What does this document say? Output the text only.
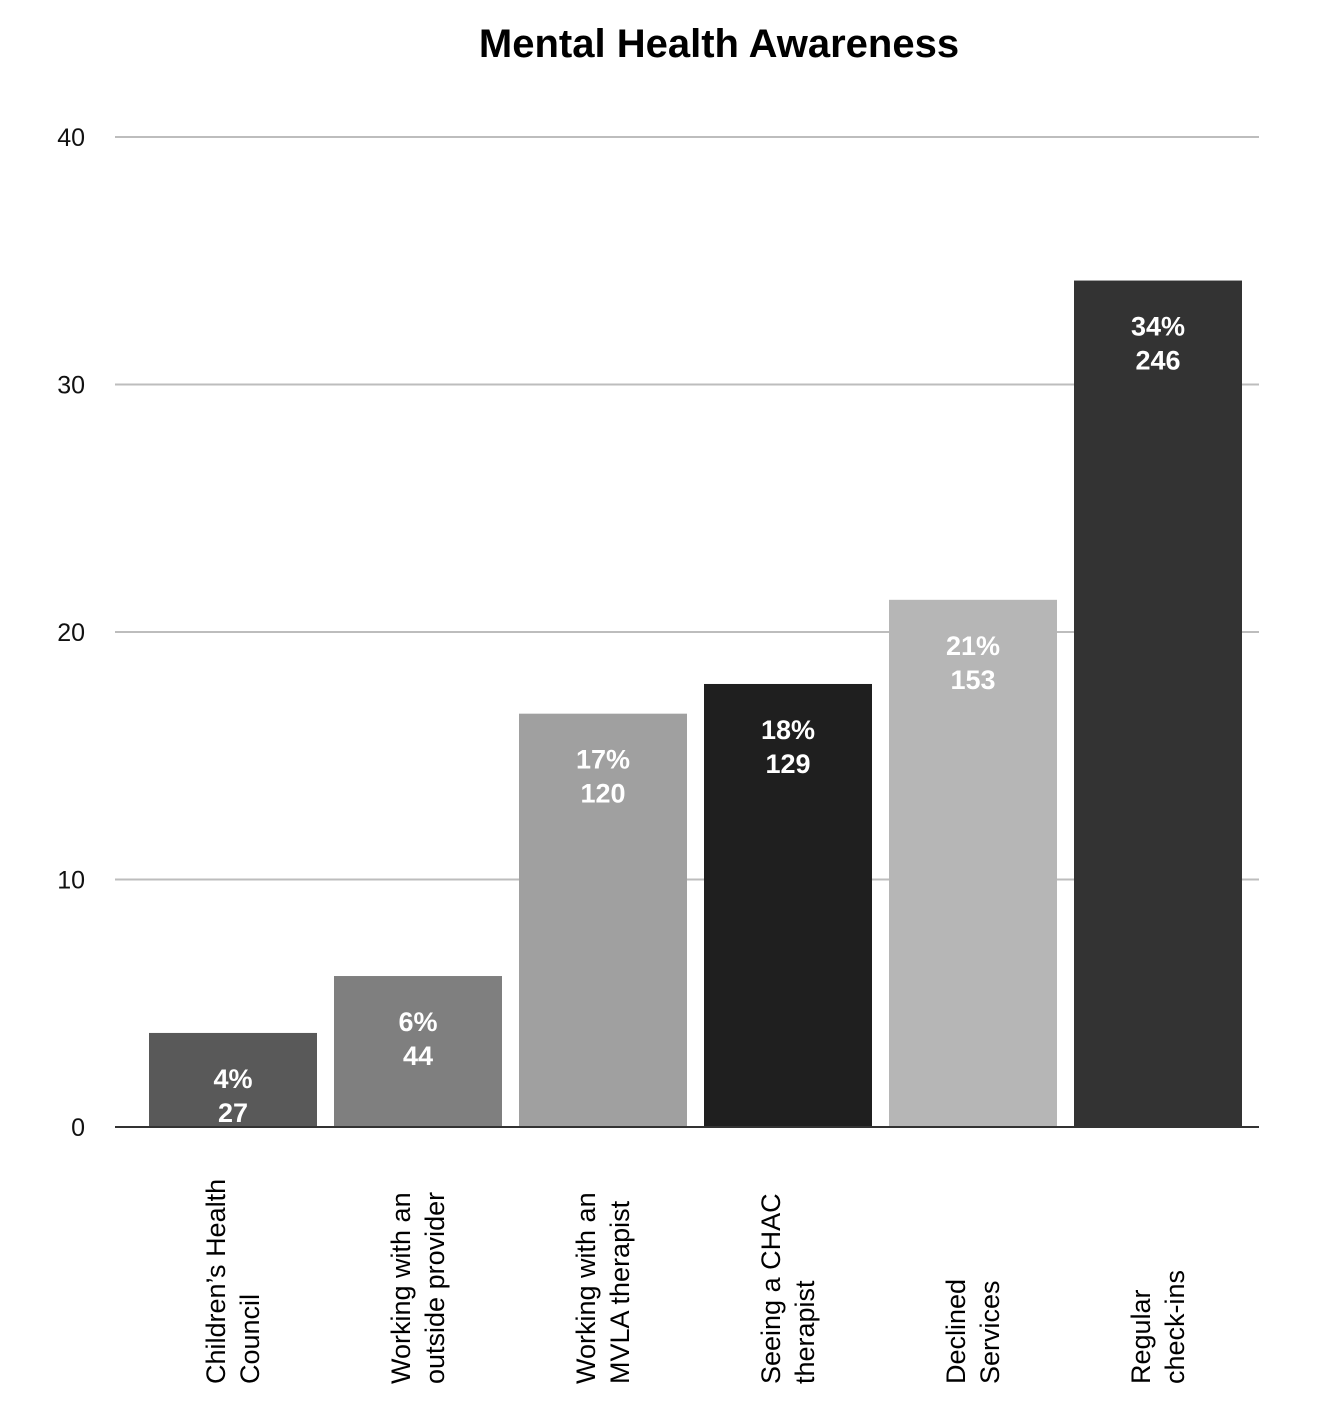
Mental Health Awareness
0
10
20
30
40
4%
27
6%
44
17%
120
18%
129
21%
153
34%
246
Children’s Health Council	Working with an outside provider	Working with an MVLA therapist	Seeing a CHAC therapist	Declined Services	Regular check-ins
